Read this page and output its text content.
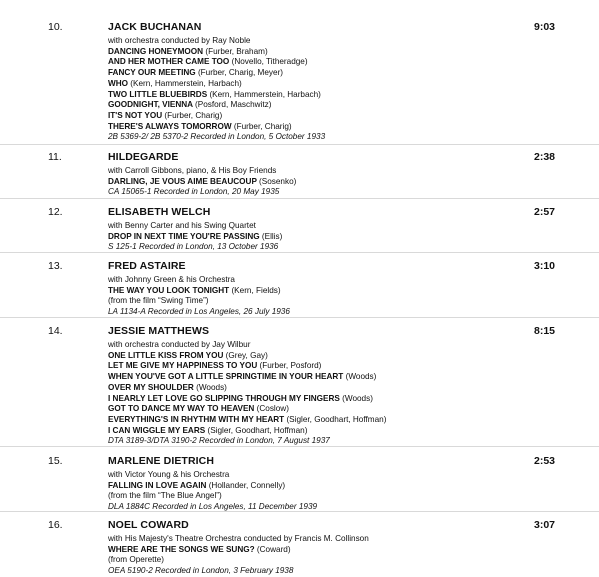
10.	JACK BUCHANAN	9:03
with orchestra conducted by Ray Noble
DANCING HONEYMOON (Furber, Braham)
AND HER MOTHER CAME TOO (Novello, Titheradge)
FANCY OUR MEETING (Furber, Charig, Meyer)
WHO (Kern, Hammerstein, Harbach)
TWO LITTLE BLUEBIRDS (Kern, Hammerstein, Harbach)
GOODNIGHT, VIENNA (Posford, Maschwitz)
IT'S NOT YOU (Furber, Charig)
THERE'S ALWAYS TOMORROW (Furber, Charig)
2B 5369-2/ 2B 5370-2 Recorded in London, 5 October 1933
11.	HILDEGARDE	2:38
with Carroll Gibbons, piano, & His Boy Friends
DARLING, JE VOUS AIME BEAUCOUP (Sosenko)
CA 15065-1 Recorded in London, 20 May 1935
12.	ELISABETH WELCH	2:57
with Benny Carter and his Swing Quartet
DROP IN NEXT TIME YOU'RE PASSING (Ellis)
S 125-1 Recorded in London, 13 October 1936
13.	FRED ASTAIRE	3:10
with Johnny Green & his Orchestra
THE WAY YOU LOOK TONIGHT (Kern, Fields)
(from the film “Swing Time”)
LA 1134-A Recorded in Los Angeles, 26 July 1936
14.	JESSIE MATTHEWS	8:15
with orchestra conducted by Jay Wilbur
ONE LITTLE KISS FROM YOU (Grey, Gay)
LET ME GIVE MY HAPPINESS TO YOU (Furber, Posford)
WHEN YOU'VE GOT A LITTLE SPRINGTIME IN YOUR HEART (Woods)
OVER MY SHOULDER (Woods)
I NEARLY LET LOVE GO SLIPPING THROUGH MY FINGERS (Woods)
GOT TO DANCE MY WAY TO HEAVEN (Coslow)
EVERYTHING'S IN RHYTHM WITH MY HEART (Sigler, Goodhart, Hoffman)
I CAN WIGGLE MY EARS (Sigler, Goodhart, Hoffman)
DTA 3189-3/DTA 3190-2 Recorded in London, 7 August 1937
15.	MARLENE DIETRICH	2:53
with Victor Young & his Orchestra
FALLING IN LOVE AGAIN (Hollander, Connelly)
(from the film “The Blue Angel”)
DLA 1884C Recorded in Los Angeles, 11 December 1939
16.	NOEL COWARD	3:07
with His Majesty's Theatre Orchestra conducted by Francis M. Collinson
WHERE ARE THE SONGS WE SUNG? (Coward)
(from Operette)
OEA 5190-2 Recorded in London, 3 February 1938
